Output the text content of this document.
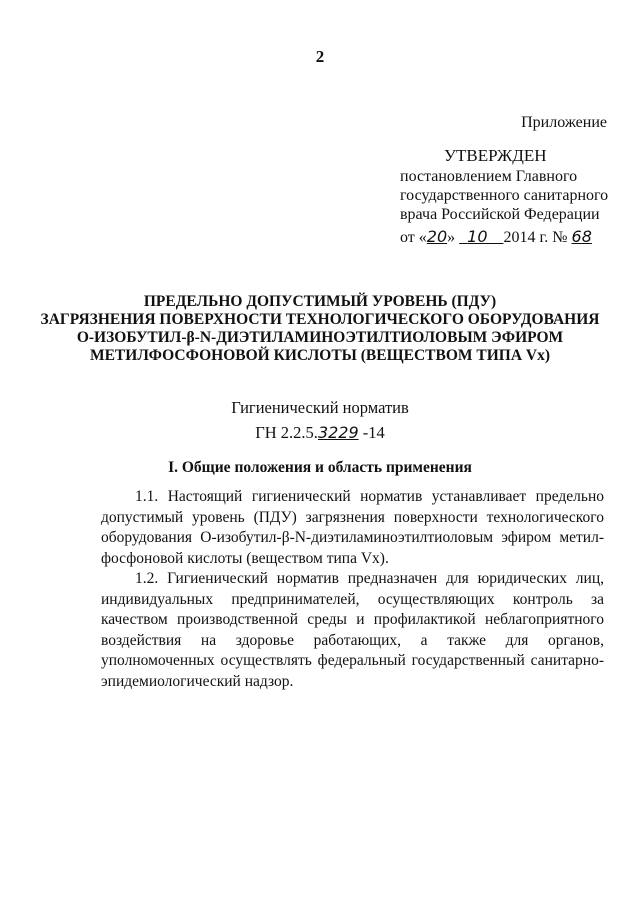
2
Приложение
УТВЕРЖДЕН
постановлением Главного
государственного санитарного
врача Российской Федерации
от «20» 10 2014 г. № 68
ПРЕДЕЛЬНО ДОПУСТИМЫЙ УРОВЕНЬ (ПДУ)
ЗАГРЯЗНЕНИЯ ПОВЕРХНОСТИ ТЕХНОЛОГИЧЕСКОГО ОБОРУДОВАНИЯ
О-ИЗОБУТИЛ-β-N-ДИЭТИЛАМИНОЭТИЛТИОЛОВЫМ ЭФИРОМ
МЕТИЛФОСФОНОВОЙ КИСЛОТЫ (ВЕЩЕСТВОМ ТИПА Vx)
Гигиенический норматив
ГН 2.2.5.3229 -14
I. Общие положения и область применения
1.1. Настоящий гигиенический норматив устанавливает предельно допустимый уровень (ПДУ) загрязнения поверхности технологического оборудования О-изобутил-β-N-диэтиламиноэтилтиоловым эфиром метил-фосфоновой кислоты (веществом типа Vx).
1.2. Гигиенический норматив предназначен для юридических лиц, индивидуальных предпринимателей, осуществляющих контроль за качеством производственной среды и профилактикой неблагоприятного воздействия на здоровье работающих, а также для органов, уполномоченных осуществлять федеральный государственный санитарно-эпидемиологический надзор.
